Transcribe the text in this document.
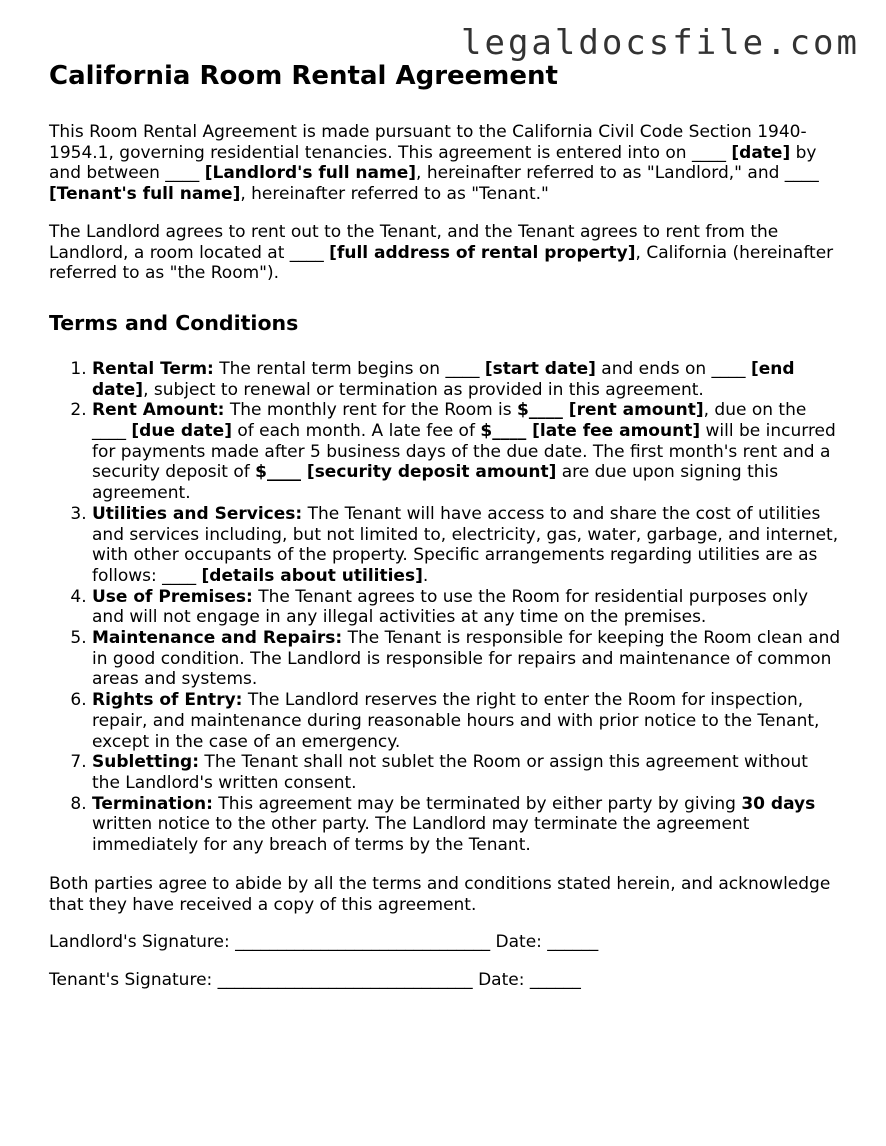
legaldocsfile.com
California Room Rental Agreement

This Room Rental Agreement is made pursuant to the California Civil Code Section 1940-1954.1, governing residential tenancies. This agreement is entered into on ____ [date] by and between ____ [Landlord's full name], hereinafter referred to as "Landlord," and ____ [Tenant's full name], hereinafter referred to as "Tenant."

The Landlord agrees to rent out to the Tenant, and the Tenant agrees to rent from the Landlord, a room located at ____ [full address of rental property], California (hereinafter referred to as "the Room").

Terms and Conditions
1. Rental Term: The rental term begins on ____ [start date] and ends on ____ [end date], subject to renewal or termination as provided in this agreement.
2. Rent Amount: The monthly rent for the Room is $____ [rent amount], due on the ____ [due date] of each month. A late fee of $____ [late fee amount] will be incurred for payments made after 5 business days of the due date. The first month's rent and a security deposit of $____ [security deposit amount] are due upon signing this agreement.
3. Utilities and Services: The Tenant will have access to and share the cost of utilities and services including, but not limited to, electricity, gas, water, garbage, and internet, with other occupants of the property. Specific arrangements regarding utilities are as follows: ____ [details about utilities].
4. Use of Premises: The Tenant agrees to use the Room for residential purposes only and will not engage in any illegal activities at any time on the premises.
5. Maintenance and Repairs: The Tenant is responsible for keeping the Room clean and in good condition. The Landlord is responsible for repairs and maintenance of common areas and systems.
6. Rights of Entry: The Landlord reserves the right to enter the Room for inspection, repair, and maintenance during reasonable hours and with prior notice to the Tenant, except in the case of an emergency.
7. Subletting: The Tenant shall not sublet the Room or assign this agreement without the Landlord's written consent.
8. Termination: This agreement may be terminated by either party by giving 30 days written notice to the other party. The Landlord may terminate the agreement immediately for any breach of terms by the Tenant.

Both parties agree to abide by all the terms and conditions stated herein, and acknowledge that they have received a copy of this agreement.

Landlord's Signature: ______________________________ Date: ______

Tenant's Signature: ______________________________ Date: ______
